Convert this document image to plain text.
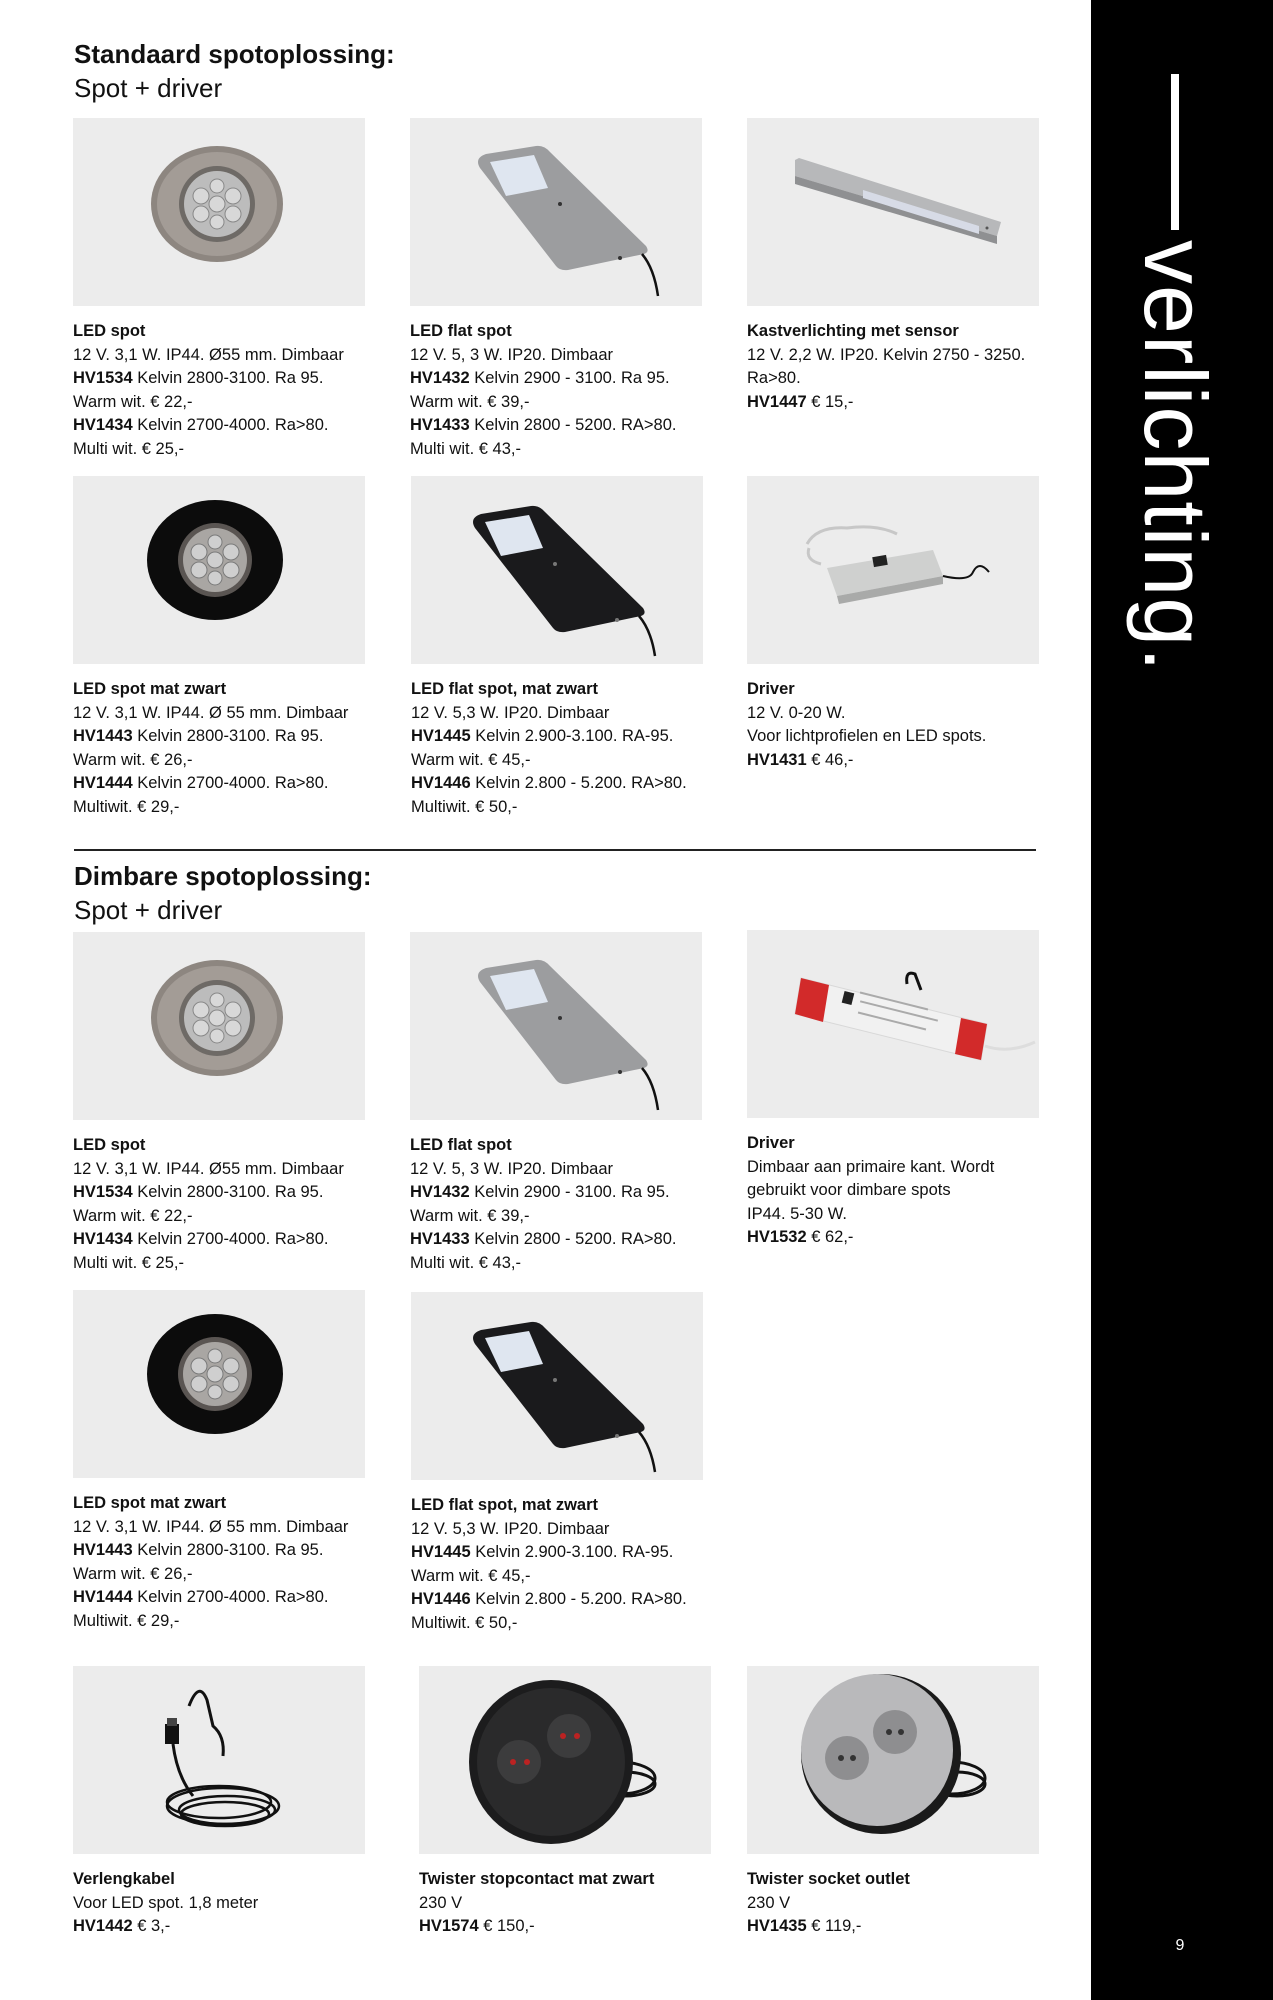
verlichting.
9
Standaard spotoplossing:
Spot + driver
LED spot
12 V. 3,1 W. IP44. Ø55 mm. Dimbaar
HV1534 Kelvin 2800-3100. Ra 95.
Warm wit. € 22,-
HV1434 Kelvin 2700-4000. Ra>80.
Multi wit. € 25,-
LED flat spot
12 V. 5, 3 W. IP20. Dimbaar
HV1432 Kelvin 2900 - 3100. Ra 95.
Warm wit. € 39,-
HV1433 Kelvin 2800 - 5200. RA>80.
Multi wit. € 43,-
Kastverlichting met sensor
12 V. 2,2 W. IP20. Kelvin 2750 - 3250.
Ra>80.
HV1447 € 15,-
LED spot mat zwart
12 V. 3,1 W. IP44. Ø 55 mm. Dimbaar
HV1443 Kelvin 2800-3100. Ra 95.
Warm wit. € 26,-
HV1444 Kelvin 2700-4000. Ra>80.
Multiwit. € 29,-
LED flat spot, mat zwart
12 V. 5,3 W. IP20. Dimbaar
HV1445 Kelvin 2.900-3.100. RA-95.
Warm wit. € 45,-
HV1446 Kelvin 2.800 - 5.200. RA>80.
Multiwit. € 50,-
Driver
12 V. 0-20 W.
Voor lichtprofielen en LED spots.
HV1431 € 46,-
Dimbare spotoplossing:
Spot + driver
LED spot
12 V. 3,1 W. IP44. Ø55 mm. Dimbaar
HV1534 Kelvin 2800-3100. Ra 95.
Warm wit. € 22,-
HV1434 Kelvin 2700-4000. Ra>80.
Multi wit. € 25,-
LED flat spot
12 V. 5, 3 W. IP20. Dimbaar
HV1432 Kelvin 2900 - 3100. Ra 95.
Warm wit. € 39,-
HV1433 Kelvin 2800 - 5200. RA>80.
Multi wit. € 43,-
Driver
Dimbaar aan primaire kant. Wordt
gebruikt voor dimbare spots
IP44. 5-30 W.
HV1532 € 62,-
LED spot mat zwart
12 V. 3,1 W. IP44. Ø 55 mm. Dimbaar
HV1443 Kelvin 2800-3100. Ra 95.
Warm wit. € 26,-
HV1444 Kelvin 2700-4000. Ra>80.
Multiwit. € 29,-
LED flat spot, mat zwart
12 V. 5,3 W. IP20. Dimbaar
HV1445 Kelvin 2.900-3.100. RA-95.
Warm wit. € 45,-
HV1446 Kelvin 2.800 - 5.200. RA>80.
Multiwit. € 50,-
Verlengkabel
Voor LED spot. 1,8 meter
HV1442 € 3,-
Twister stopcontact mat zwart
230 V
HV1574 € 150,-
Twister socket outlet
230 V
HV1435 € 119,-
